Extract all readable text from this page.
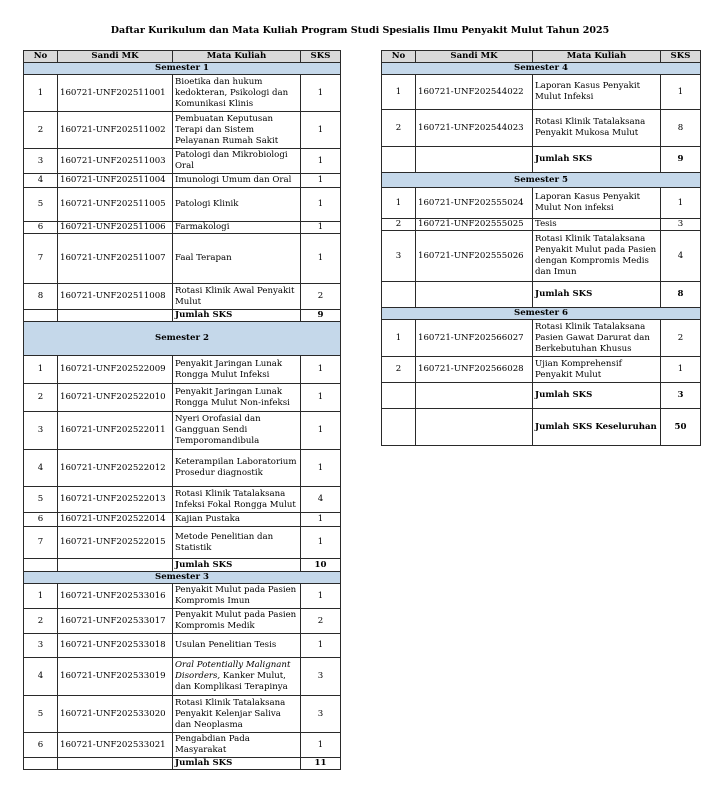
Daftar Kurikulum dan Mata Kuliah Program Studi Spesialis Ilmu Penyakit Mulut Tahun 2025
No	Sandi MK	Mata Kuliah	SKS
Semester 1			
1	160721-UNF202511001	Bioetika dan hukum kedokteran, Psikologi dan Komunikasi Klinis	1
2	160721-UNF202511002	Pembuatan Keputusan Terapi dan Sistem Pelayanan Rumah Sakit	1
3	160721-UNF202511003	Patologi dan Mikrobiologi Oral	1
4	160721-UNF202511004	Imunologi Umum dan Oral	1
5	160721-UNF202511005	Patologi Klinik	1
6	160721-UNF202511006	Farmakologi	1
7	160721-UNF202511007	Faal Terapan	1
8	160721-UNF202511008	Rotasi Klinik Awal Penyakit Mulut	2
		Jumlah SKS	9
Semester 2			
1	160721-UNF202522009	Penyakit Jaringan Lunak Rongga Mulut Infeksi	1
2	160721-UNF202522010	Penyakit Jaringan Lunak Rongga Mulut Non-infeksi	1
3	160721-UNF202522011	Nyeri Orofasial dan Gangguan Sendi Temporomandibula	1
4	160721-UNF202522012	Keterampilan Laboratorium Prosedur diagnostik	1
5	160721-UNF202522013	Rotasi Klinik Tatalaksana Infeksi Fokal Rongga Mulut	4
6	160721-UNF202522014	Kajian Pustaka	1
7	160721-UNF202522015	Metode Penelitian dan Statistik	1
		Jumlah SKS	10
Semester 3			
1	160721-UNF202533016	Penyakit Mulut pada Pasien Kompromis Imun	1
2	160721-UNF202533017	Penyakit Mulut pada Pasien Kompromis Medik	2
3	160721-UNF202533018	Usulan Penelitian Tesis	1
4	160721-UNF202533019	Oral Potentially Malignant Disorders, Kanker Mulut, dan Komplikasi Terapinya	3
5	160721-UNF202533020	Rotasi Klinik Tatalaksana Penyakit Kelenjar Saliva dan Neoplasma	3
6	160721-UNF202533021	Pengabdian Pada Masyarakat	1
		Jumlah SKS	11
No	Sandi MK	Mata Kuliah	SKS
Semester 4			
1	160721-UNF202544022	Laporan Kasus Penyakit Mulut Infeksi	1
2	160721-UNF202544023	Rotasi Klinik Tatalaksana Penyakit Mukosa Mulut	8
		Jumlah SKS	9
Semester 5			
1	160721-UNF202555024	Laporan Kasus Penyakit Mulut Non infeksi	1
2	160721-UNF202555025	Tesis	3
3	160721-UNF202555026	Rotasi Klinik Tatalaksana Penyakit Mulut pada Pasien dengan Kompromis Medis dan Imun	4
		Jumlah SKS	8
Semester 6			
1	160721-UNF202566027	Rotasi Klinik Tatalaksana Pasien Gawat Darurat dan Berkebutuhan Khusus	2
2	160721-UNF202566028	Ujian Komprehensif Penyakit Mulut	1
		Jumlah SKS	3
		Jumlah SKS Keseluruhan	50
